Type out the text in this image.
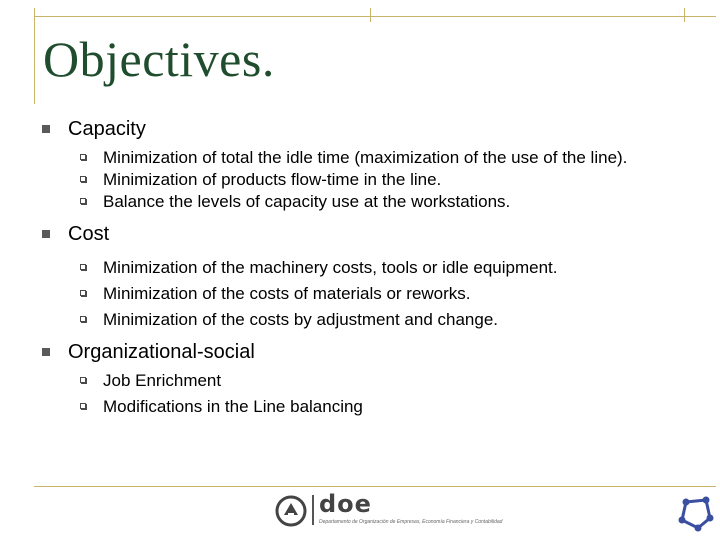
Objectives.
Capacity
Minimization of total the idle time (maximization of the use of the line).
Minimization of products flow-time in the line.
Balance the levels of capacity use at the workstations.
Cost
Minimization of the machinery costs, tools or idle equipment.
Minimization of the costs of materials or reworks.
Minimization of the costs by adjustment and change.
Organizational-social
Job Enrichment
Modifications in the Line balancing
doe
Departamento de Organización de Empresas, Economía Financiera y Contabilidad
